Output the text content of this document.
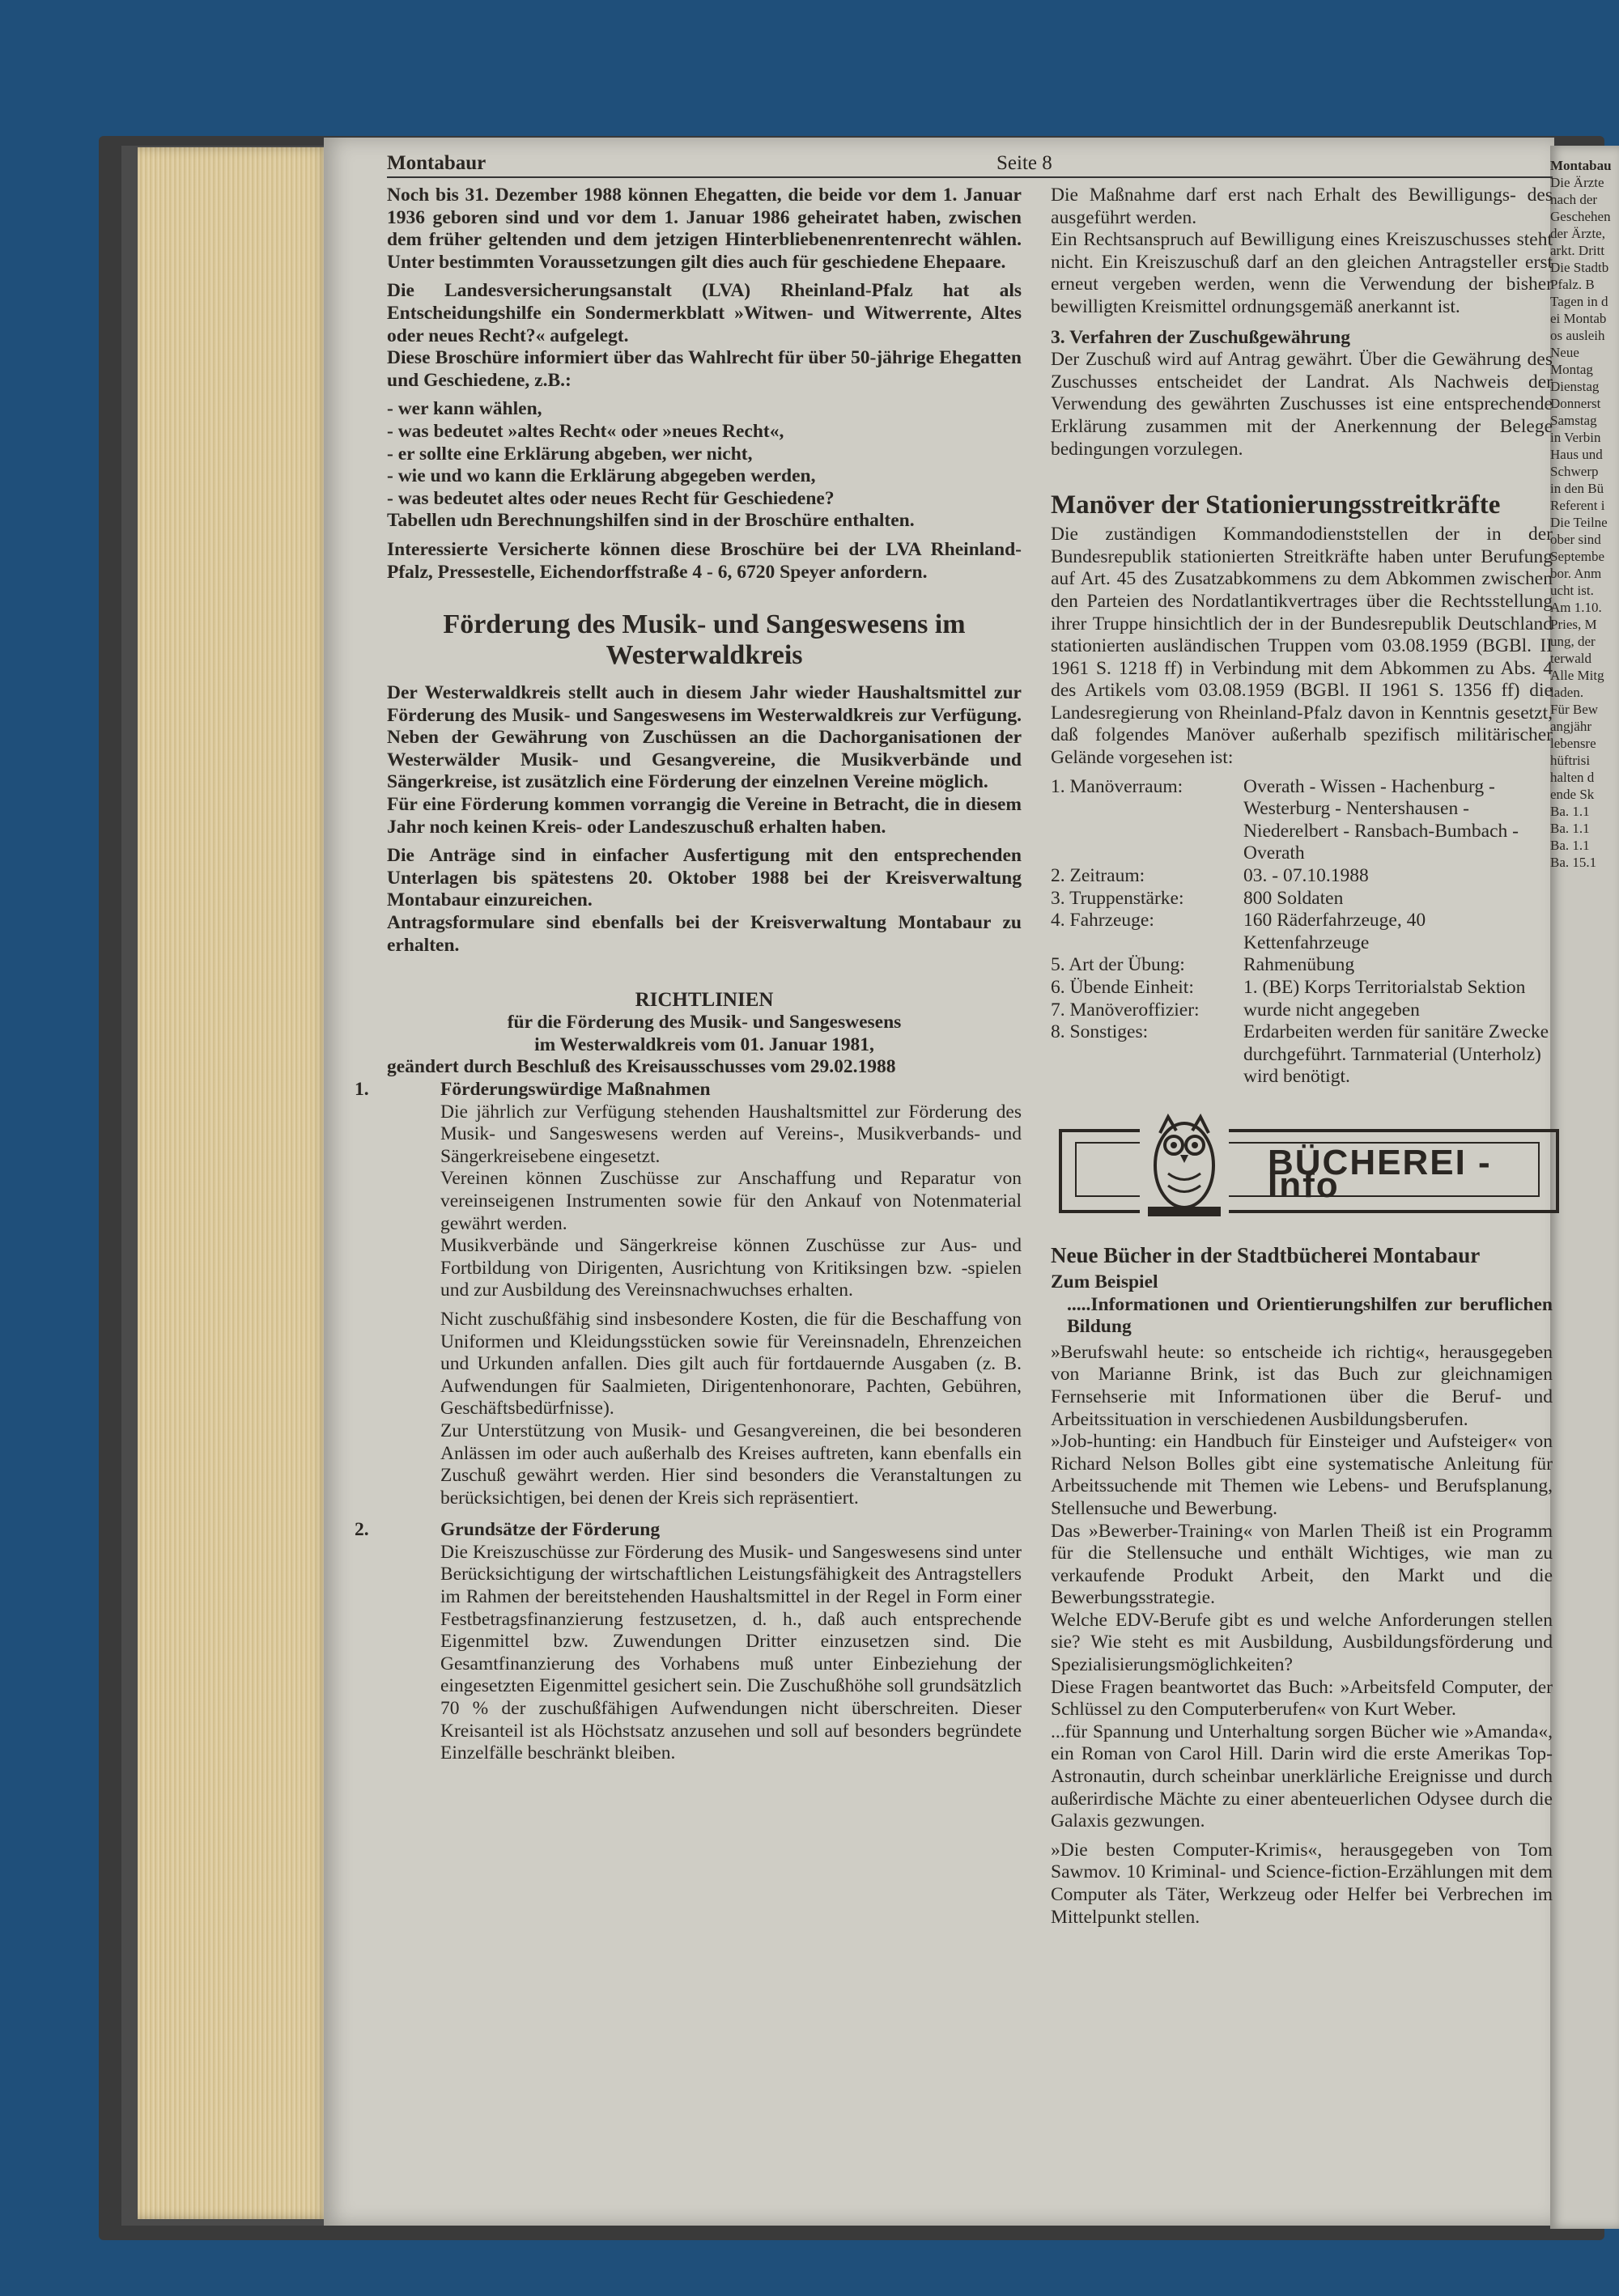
Montabau
Die Ärzte
nach der
Geschehen
der Ärzte,
arkt. Dritt
Die Stadtb
Pfalz. B
Tagen in d
ei Montab
os ausleih
Neue
Montag
Dienstag
Donnerst
Samstag
in Verbin
Haus und
Schwerp
in den Bü
Referent i
Die Teilne
ober sind
Septembe
bor. Anm
ucht ist.
Am 1.10.
Pries, M
ung, der
terwald
Alle Mitg
laden.
Für Bew
angjähr
lebensre
hüftrisi
halten d
ende Sk
Ba. 1.1
Ba. 1.1
Ba. 1.1
Ba. 15.1
Montabaur	Seite 8

Noch bis 31. Dezember 1988 können Ehegatten, die beide vor dem 1. Januar 1936 geboren sind und vor dem 1. Januar 1986 geheiratet haben, zwischen dem früher geltenden und dem jetzigen Hinterbliebenenrentenrecht wählen. Unter bestimmten Voraussetzungen gilt dies auch für geschiedene Ehepaare.

Die Landesversicherungsanstalt (LVA) Rheinland-Pfalz hat als Entscheidungshilfe ein Sondermerkblatt »Witwen- und Witwerrente, Altes oder neues Recht?« aufgelegt.

Diese Broschüre informiert über das Wahlrecht für über 50-jährige Ehegatten und Geschiedene, z.B.:

- wer kann wählen,

- was bedeutet »altes Recht« oder »neues Recht«,

- er sollte eine Erklärung abgeben, wer nicht,

- wie und wo kann die Erklärung abgegeben werden,

- was bedeutet altes oder neues Recht für Geschiedene?

Tabellen udn Berechnungshilfen sind in der Broschüre enthalten.

Interessierte Versicherte können diese Broschüre bei der LVA Rheinland-Pfalz, Pressestelle, Eichendorffstraße 4 - 6, 6720 Speyer anfordern.

Förderung des Musik- und Sangeswesens im Westerwaldkreis

Der Westerwaldkreis stellt auch in diesem Jahr wieder Haushaltsmittel zur Förderung des Musik- und Sangeswesens im Westerwaldkreis zur Verfügung. Neben der Gewährung von Zuschüssen an die Dachorganisationen der Westerwälder Musik- und Gesangvereine, die Musikverbände und Sängerkreise, ist zusätzlich eine Förderung der einzelnen Vereine möglich.

Für eine Förderung kommen vorrangig die Vereine in Betracht, die in diesem Jahr noch keinen Kreis- oder Landeszuschuß erhalten haben.

Die Anträge sind in einfacher Ausfertigung mit den entsprechenden Unterlagen bis spätestens 20. Oktober 1988 bei der Kreisverwaltung Montabaur einzureichen.

Antragsformulare sind ebenfalls bei der Kreisverwaltung Montabaur zu erhalten.

RICHTLINIEN

für die Förderung des Musik- und Sangeswesens

im Westerwaldkreis vom 01. Januar 1981,

geändert durch Beschluß des Kreisausschusses vom 29.02.1988

1.	Förderungswürdige Maßnahmen

Die jährlich zur Verfügung stehenden Haushaltsmittel zur Förderung des Musik- und Sangeswesens werden auf Vereins-, Musikverbands- und Sängerkreisebene eingesetzt.

Vereinen können Zuschüsse zur Anschaffung und Reparatur von vereinseigenen Instrumenten sowie für den Ankauf von Notenmaterial gewährt werden.

Musikverbände und Sängerkreise können Zuschüsse zur Aus- und Fortbildung von Dirigenten, Ausrichtung von Kritiksingen bzw. -spielen und zur Ausbildung des Vereinsnachwuchses erhalten.

Nicht zuschußfähig sind insbesondere Kosten, die für die Beschaffung von Uniformen und Kleidungsstücken sowie für Vereinsnadeln, Ehrenzeichen und Urkunden anfallen. Dies gilt auch für fortdauernde Ausgaben (z. B. Aufwendungen für Saalmieten, Dirigentenhonorare, Pachten, Gebühren, Geschäftsbedürfnisse).

Zur Unterstützung von Musik- und Gesangvereinen, die bei besonderen Anlässen im oder auch außerhalb des Kreises auftreten, kann ebenfalls ein Zuschuß gewährt werden. Hier sind besonders die Veranstaltungen zu berücksichtigen, bei denen der Kreis sich repräsentiert.

2.	Grundsätze der Förderung

Die Kreiszuschüsse zur Förderung des Musik- und Sangeswesens sind unter Berücksichtigung der wirtschaftlichen Leistungsfähigkeit des Antragstellers im Rahmen der bereitstehenden Haushaltsmittel in der Regel in Form einer Festbetragsfinanzierung festzusetzen, d. h., daß auch entsprechende Eigenmittel bzw. Zuwendungen Dritter einzusetzen sind. Die Gesamtfinanzierung des Vorhabens muß unter Einbeziehung der eingesetzten Eigenmittel gesichert sein. Die Zuschußhöhe soll grundsätzlich 70 % der zuschußfähigen Aufwendungen nicht überschreiten. Dieser Kreisanteil ist als Höchstsatz anzusehen und soll auf besonders begründete Einzelfälle beschränkt bleiben.

Die Maßnahme darf erst nach Erhalt des Bewilligungs- des ausgeführt werden.

Ein Rechtsanspruch auf Bewilligung eines Kreiszuschusses steht nicht. Ein Kreiszuschuß darf an den gleichen Antragsteller erst erneut vergeben werden, wenn die Verwendung der bisher bewilligten Kreismittel ordnungsgemäß anerkannt ist.

3. Verfahren der Zuschußgewährung

Der Zuschuß wird auf Antrag gewährt. Über die Gewährung des Zuschusses entscheidet der Landrat. Als Nachweis der Verwendung des gewährten Zuschusses ist eine entsprechende Erklärung zusammen mit der Anerkennung der Belege bedingungen vorzulegen.

Manöver der Stationierungsstreitkräfte

Die zuständigen Kommandodienststellen der in der Bundesrepublik stationierten Streitkräfte haben unter Berufung auf Art. 45 des Zusatzabkommens zu dem Abkommen zwischen den Parteien des Nordatlantikvertrages über die Rechtsstellung ihrer Truppe hinsichtlich der in der Bundesrepublik Deutschland stationierten ausländischen Truppen vom 03.08.1959 (BGBl. II 1961 S. 1218 ff) in Verbindung mit dem Abkommen zu Abs. 4 des Artikels vom 03.08.1959 (BGBl. II 1961 S. 1356 ff) die Landesregierung von Rheinland-Pfalz davon in Kenntnis gesetzt, daß folgendes Manöver außerhalb spezifisch militärischer Gelände vorgesehen ist:

1. Manöverraum:	Overath - Wissen - Hachenburg - Westerburg - Nentershausen - Niederelbert - Ransbach-Bumbach - Overath
2. Zeitraum:	03. - 07.10.1988
3. Truppenstärke:	800 Soldaten
4. Fahrzeuge:	160 Räderfahrzeuge, 40 Kettenfahrzeuge
5. Art der Übung:	Rahmenübung
6. Übende Einheit:	1. (BE) Korps Territorialstab Sektion
7. Manöveroffizier:	wurde nicht angegeben
8. Sonstiges:	Erdarbeiten werden für sanitäre Zwecke durchgeführt. Tarnmaterial (Unterholz) wird benötigt.
BÜCHEREI - Info

Neue Bücher in der Stadtbücherei Montabaur

Zum Beispiel

.....Informationen und Orientierungshilfen zur beruflichen Bildung

»Berufswahl heute: so entscheide ich richtig«, herausgegeben von Marianne Brink, ist das Buch zur gleichnamigen Fernsehserie mit Informationen über die Beruf- und Arbeitssituation in verschiedenen Ausbildungsberufen.

»Job-hunting: ein Handbuch für Einsteiger und Aufsteiger« von Richard Nelson Bolles gibt eine systematische Anleitung für Arbeitssuchende mit Themen wie Lebens- und Berufsplanung, Stellensuche und Bewerbung.

Das »Bewerber-Training« von Marlen Theiß ist ein Programm für die Stellensuche und enthält Wichtiges, wie man zu verkaufende Produkt Arbeit, den Markt und die Bewerbungsstrategie.

Welche EDV-Berufe gibt es und welche Anforderungen stellen sie? Wie steht es mit Ausbildung, Ausbildungsförderung und Spezialisierungsmöglichkeiten?

Diese Fragen beantwortet das Buch: »Arbeitsfeld Computer, der Schlüssel zu den Computerberufen« von Kurt Weber.

...für Spannung und Unterhaltung sorgen Bücher wie »Amanda«, ein Roman von Carol Hill. Darin wird die erste Amerikas Top-Astronautin, durch scheinbar unerklärliche Ereignisse und durch außerirdische Mächte zu einer abenteuerlichen Odysee durch die Galaxis gezwungen.

»Die besten Computer-Krimis«, herausgegeben von Tom Sawmov. 10 Kriminal- und Science-fiction-Erzählungen mit dem Computer als Täter, Werkzeug oder Helfer bei Verbrechen im Mittelpunkt stellen.
